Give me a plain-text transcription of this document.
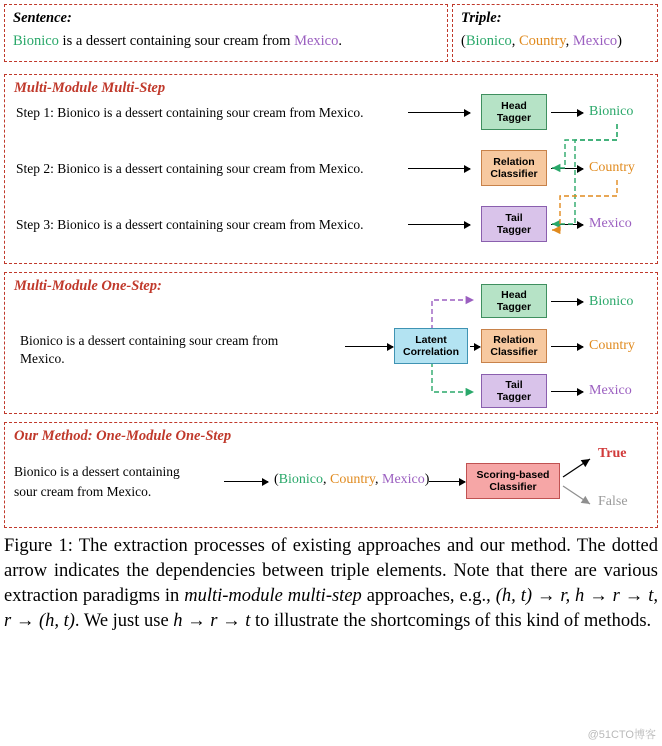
Sentence:
Bionico is a dessert containing sour cream from Mexico.
Triple:
(Bionico, Country, Mexico)
Multi-Module Multi-Step
Step 1: Bionico is a dessert containing sour cream from Mexico.	Head
Tagger	Bionico
Step 2: Bionico is a dessert containing sour cream from Mexico.	Relation
Classifier	Country
Step 3: Bionico is a dessert containing sour cream from Mexico.	Tail
Tagger	Mexico
Multi-Module One-Step:
Bionico is a dessert containing sour cream from
Mexico.
Latent
Correlation
Head
Tagger	Bionico
Relation
Classifier	Country
Tail
Tagger	Mexico
Our Method: One-Module One-Step
Bionico is a dessert containing
sour cream from Mexico.
(Bionico, Country, Mexico)	Scoring-based
Classifier
True
False
Figure 1: The extraction processes of existing approaches and our method. The dotted arrow indicates the dependencies between triple elements. Note that there are various extraction paradigms in multi-module multi-step approaches, e.g., (h, t) → r, h → r → t, r → (h, t). We just use h → r → t to illustrate the shortcomings of this kind of methods.
@51CTO博客
